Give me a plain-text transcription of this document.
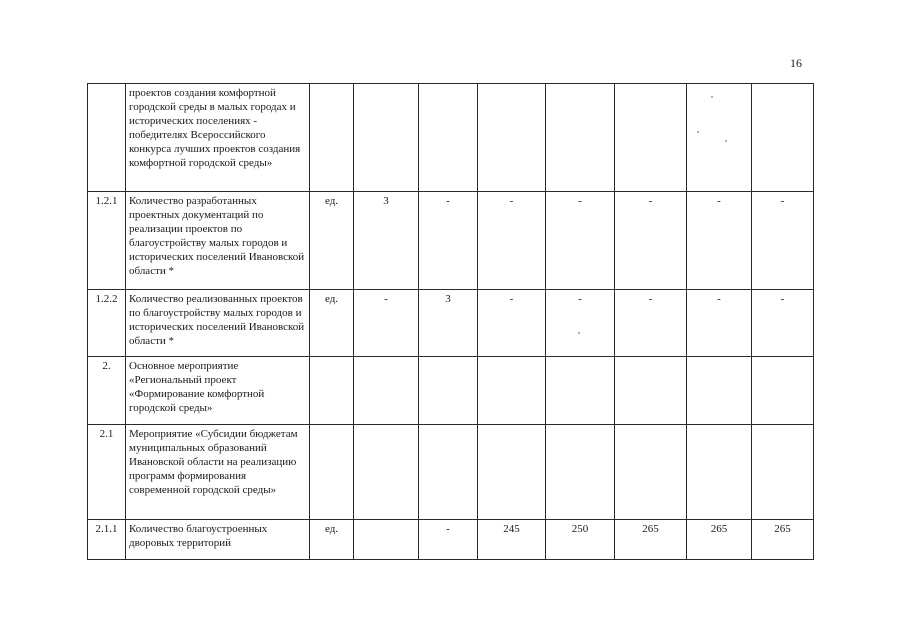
16
	проектов создания комфортной городской среды в малых городах и исторических поселениях - победителях Всероссийского конкурса лучших проектов создания комфортной городской среды»								
1.2.1	Количество разработанных проектных документаций по реализации проектов по благоустройству малых городов и исторических поселений Ивановской области *	ед.	3	-	-	-	-	-	-
1.2.2	Количество реализованных проектов по благоустройству малых городов и исторических поселений Ивановской области *	ед.	-	3	-	-	-	-	-
2.	Основное мероприятие «Региональный проект «Формирование комфортной городской среды»								
2.1	Мероприятие «Субсидии бюджетам муниципальных образований Ивановской области на реализацию программ формирования современной городской среды»								
2.1.1	Количество благоустроенных дворовых территорий	ед.		-	245	250	265	265	265
